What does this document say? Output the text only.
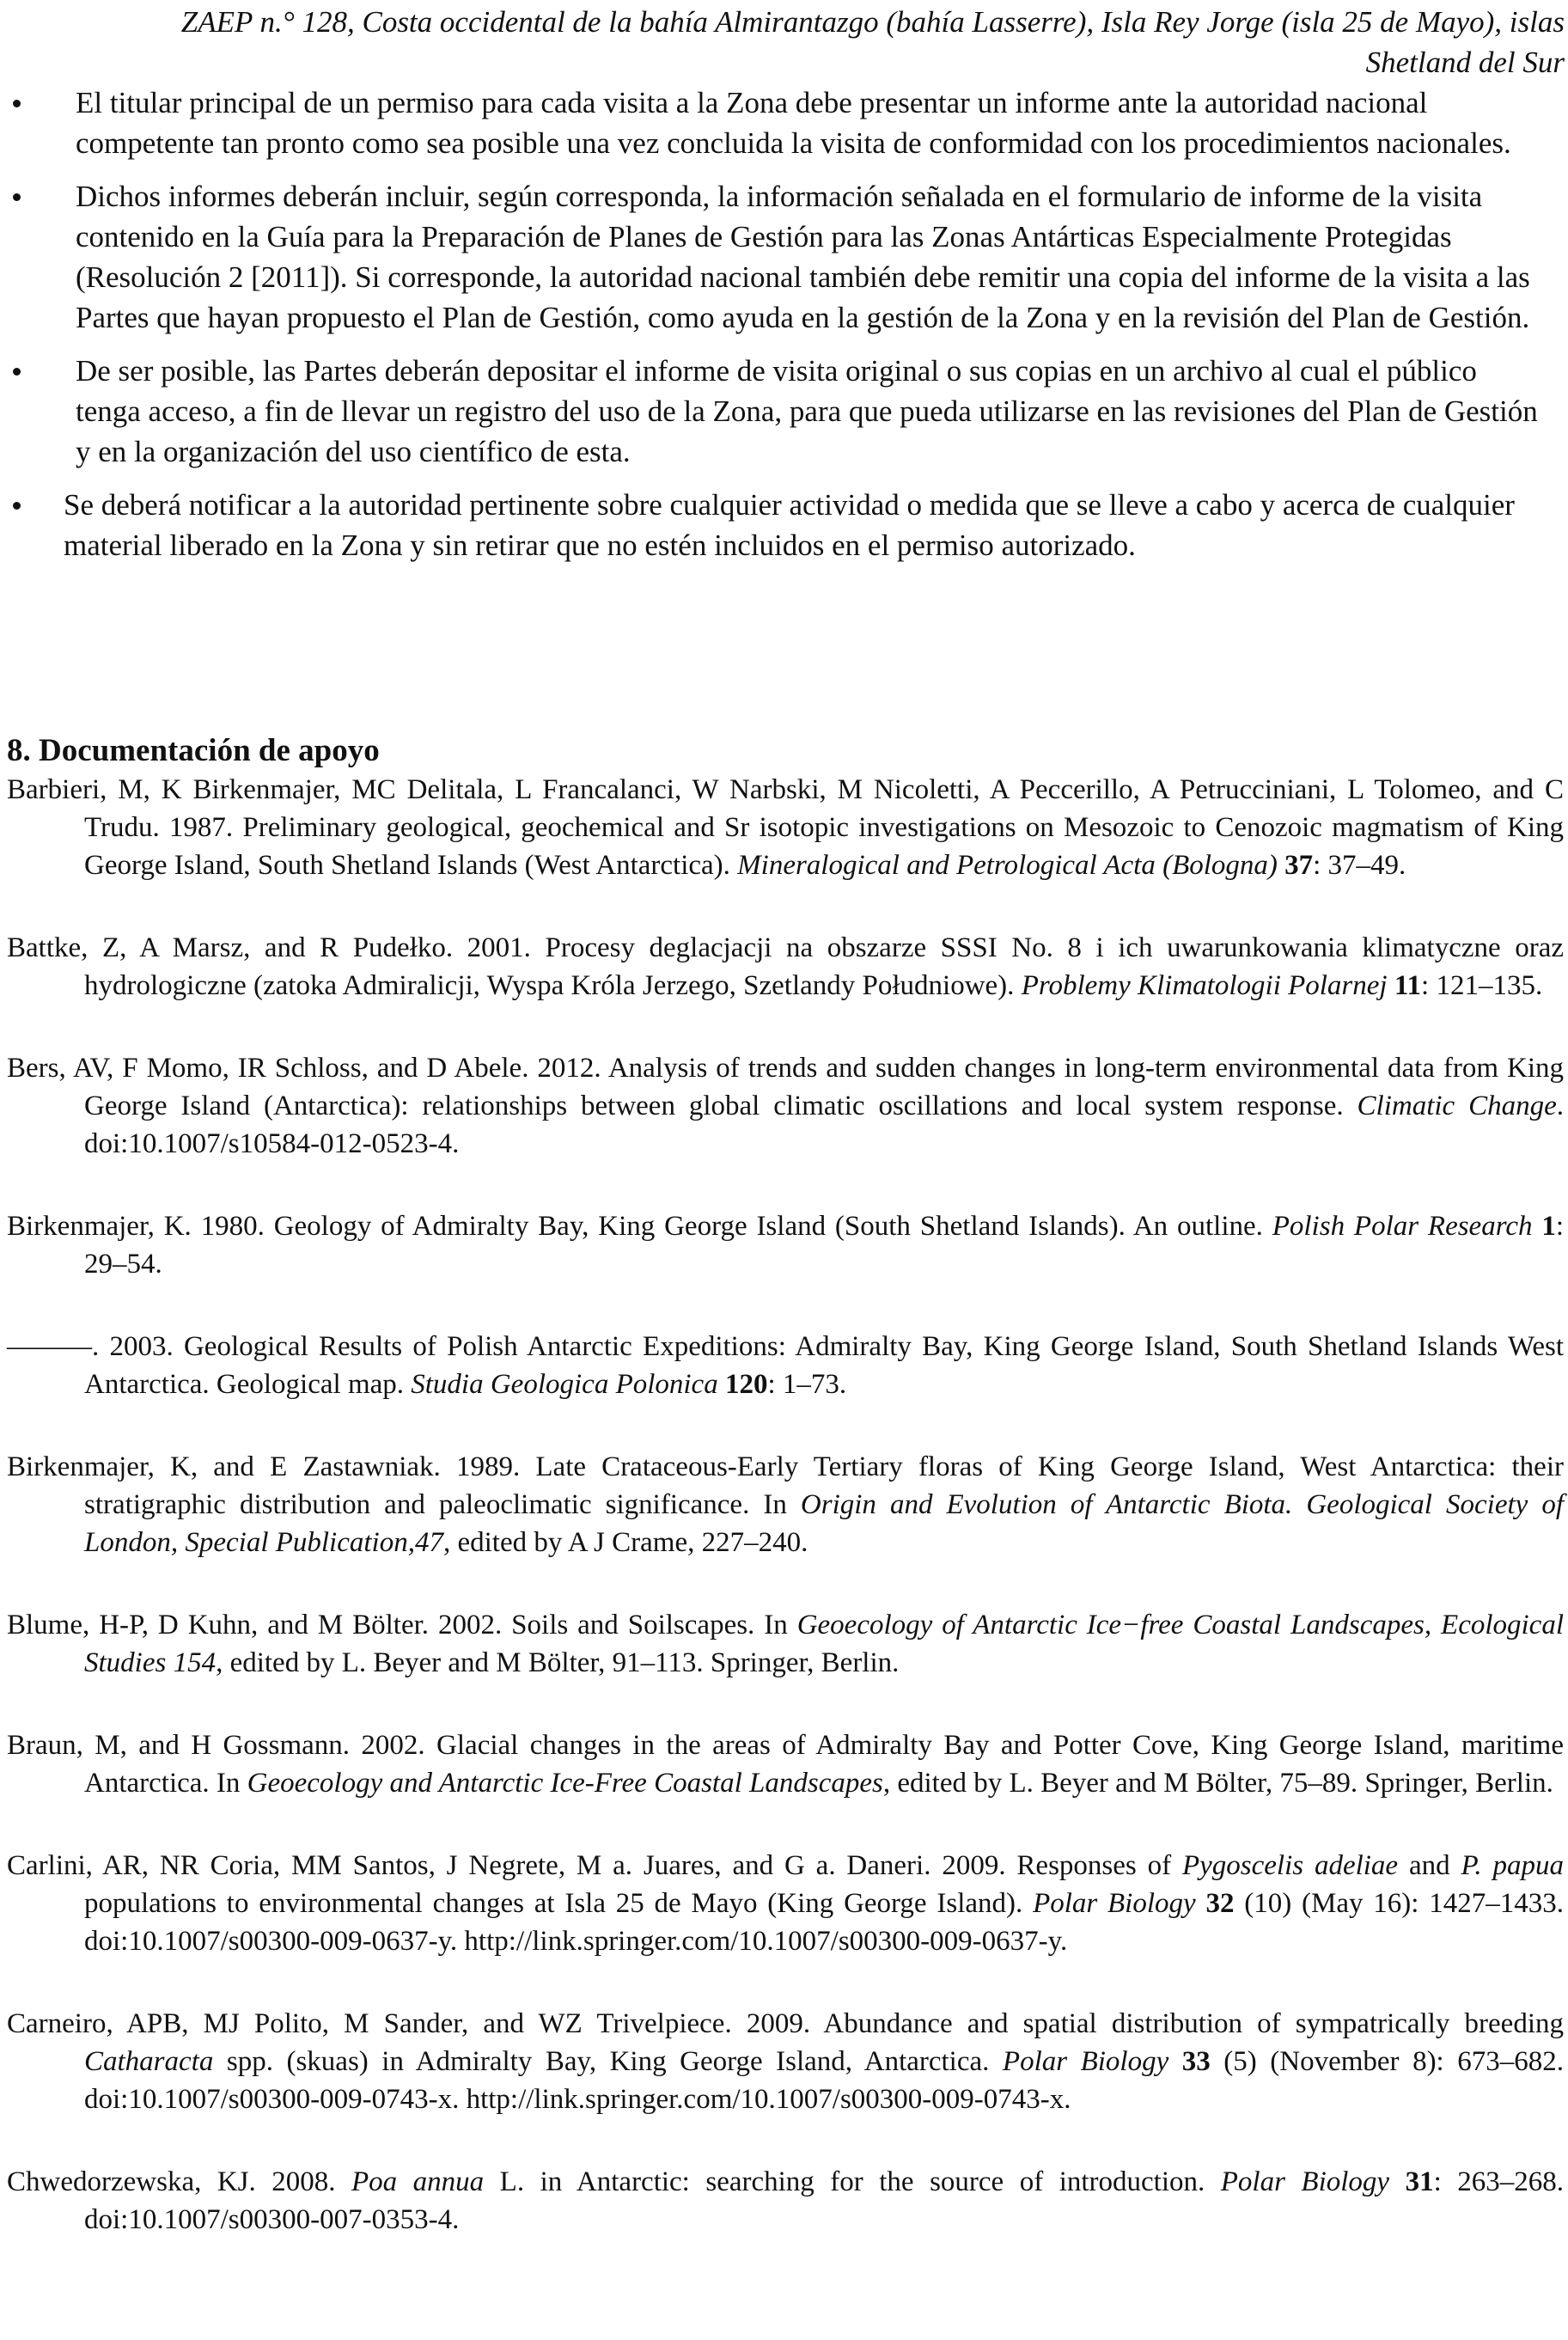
ZAEP n.° 128, Costa occidental de la bahía Almirantazgo (bahía Lasserre), Isla Rey Jorge (isla 25 de Mayo), islas Shetland del Sur
El titular principal de un permiso para cada visita a la Zona debe presentar un informe ante la autoridad nacional competente tan pronto como sea posible una vez concluida la visita de conformidad con los procedimientos nacionales.
Dichos informes deberán incluir, según corresponda, la información señalada en el formulario de informe de la visita contenido en la Guía para la Preparación de Planes de Gestión para las Zonas Antárticas Especialmente Protegidas (Resolución 2 [2011]). Si corresponde, la autoridad nacional también debe remitir una copia del informe de la visita a las Partes que hayan propuesto el Plan de Gestión, como ayuda en la gestión de la Zona y en la revisión del Plan de Gestión.
De ser posible, las Partes deberán depositar el informe de visita original o sus copias en un archivo al cual el público tenga acceso, a fin de llevar un registro del uso de la Zona, para que pueda utilizarse en las revisiones del Plan de Gestión y en la organización del uso científico de esta.
Se deberá notificar a la autoridad pertinente sobre cualquier actividad o medida que se lleve a cabo y acerca de cualquier material liberado en la Zona y sin retirar que no estén incluidos en el permiso autorizado.
8. Documentación de apoyo

Barbieri, M, K Birkenmajer, MC Delitala, L Francalanci, W Narbski, M Nicoletti, A Peccerillo, A Petrucciniani, L Tolomeo, and C Trudu. 1987. Preliminary geological, geochemical and Sr isotopic investigations on Mesozoic to Cenozoic magmatism of King George Island, South Shetland Islands (West Antarctica). Mineralogical and Petrological Acta (Bologna) 37: 37–49.

Battke, Z, A Marsz, and R Pudełko. 2001. Procesy deglacjacji na obszarze SSSI No. 8 i ich uwarunkowania klimatyczne oraz hydrologiczne (zatoka Admiralicji, Wyspa Króla Jerzego, Szetlandy Południowe). Problemy Klimatologii Polarnej 11: 121–135.

Bers, AV, F Momo, IR Schloss, and D Abele. 2012. Analysis of trends and sudden changes in long-term environmental data from King George Island (Antarctica): relationships between global climatic oscillations and local system response. Climatic Change. doi:10.1007/s10584-012-0523-4.

Birkenmajer, K. 1980. Geology of Admiralty Bay, King George Island (South Shetland Islands). An outline. Polish Polar Research 1: 29–54.

———. 2003. Geological Results of Polish Antarctic Expeditions: Admiralty Bay, King George Island, South Shetland Islands West Antarctica. Geological map. Studia Geologica Polonica 120: 1–73.

Birkenmajer, K, and E Zastawniak. 1989. Late Crataceous-Early Tertiary floras of King George Island, West Antarctica: their stratigraphic distribution and paleoclimatic significance. In Origin and Evolution of Antarctic Biota. Geological Society of London, Special Publication,47, edited by A J Crame, 227–240.

Blume, H-P, D Kuhn, and M Bölter. 2002. Soils and Soilscapes. In Geoecology of Antarctic Ice−free Coastal Landscapes, Ecological Studies 154, edited by L. Beyer and M Bölter, 91–113. Springer, Berlin.

Braun, M, and H Gossmann. 2002. Glacial changes in the areas of Admiralty Bay and Potter Cove, King George Island, maritime Antarctica. In Geoecology and Antarctic Ice-Free Coastal Landscapes, edited by L. Beyer and M Bölter, 75–89. Springer, Berlin.

Carlini, AR, NR Coria, MM Santos, J Negrete, M a. Juares, and G a. Daneri. 2009. Responses of Pygoscelis adeliae and P. papua populations to environmental changes at Isla 25 de Mayo (King George Island). Polar Biology 32 (10) (May 16): 1427–1433. doi:10.1007/s00300-009-0637-y. http://link.springer.com/10.1007/s00300-009-0637-y.

Carneiro, APB, MJ Polito, M Sander, and WZ Trivelpiece. 2009. Abundance and spatial distribution of sympatrically breeding Catharacta spp. (skuas) in Admiralty Bay, King George Island, Antarctica. Polar Biology 33 (5) (November 8): 673–682. doi:10.1007/s00300-009-0743-x. http://link.springer.com/10.1007/s00300-009-0743-x.

Chwedorzewska, KJ. 2008. Poa annua L. in Antarctic: searching for the source of introduction. Polar Biology 31: 263–268. doi:10.1007/s00300-007-0353-4.
